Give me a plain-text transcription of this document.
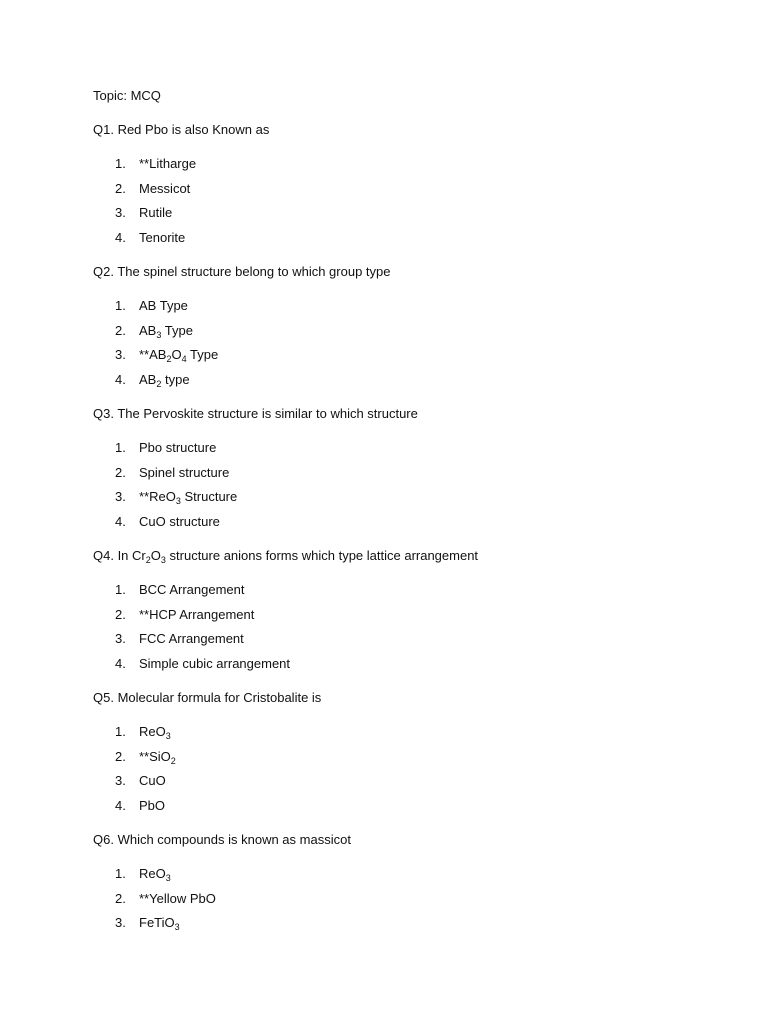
Topic: MCQ
Q1. Red Pbo is also Known as
1. **Litharge
2. Messicot
3. Rutile
4. Tenorite
Q2. The spinel structure belong to which group type
1. AB Type
2. $AB_3$ Type
3. $**AB_2O_4$ Type
4. $AB_2$ type
Q3. The Pervoskite structure is similar to which structure
1. Pbo structure
2. Spinel structure
3. **ReO$_3$ Structure
4. CuO structure
Q4. In $Cr_2O_3$ structure anions forms which type lattice arrangement
1. BCC Arrangement
2. **HCP Arrangement
3. FCC Arrangement
4. Simple cubic arrangement
Q5. Molecular formula for Cristobalite is
1. ReO$_3$
2. **SiO$_2$
3. CuO
4. PbO
Q6. Which compounds is known as massicot
1. ReO$_3$
2. **Yellow PbO
3. FeTiO$_3$
